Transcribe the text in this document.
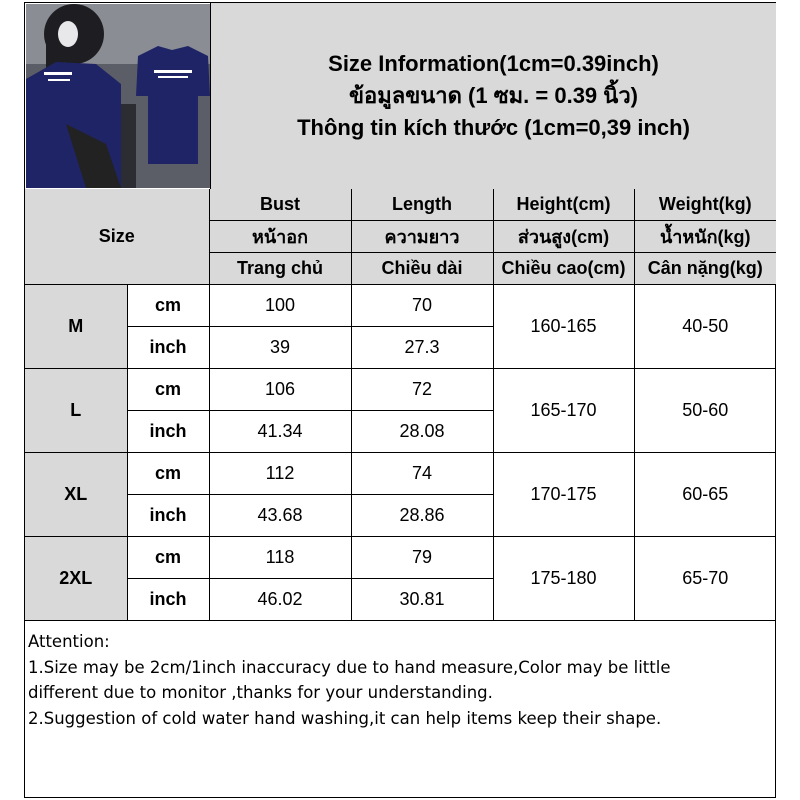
Size Information(1cm=0.39inch)
ข้อมูลขนาด (1 ซม. = 0.39 นิ้ว)
Thông tin kích thước (1cm=0,39 inch)
Size		Bust	Length	Height(cm)	Weight(kg)
		หน้าอก	ความยาว	ส่วนสูง(cm)	น้ำหนัก(kg)
		Trang chủ	Chiều dài	Chiều cao(cm)	Cân nặng(kg)
M	cm	100	70	160-165	40-50
	inch	39	27.3		
L	cm	106	72	165-170	50-60
	inch	41.34	28.08		
XL	cm	112	74	170-175	60-65
	inch	43.68	28.86		
2XL	cm	118	79	175-180	65-70
	inch	46.02	30.81		
Attention:
1.Size may be 2cm/1inch inaccuracy due to hand measure,Color may be little
different due to monitor ,thanks for your understanding.
2.Suggestion of cold water hand washing,it can help items keep their shape.
